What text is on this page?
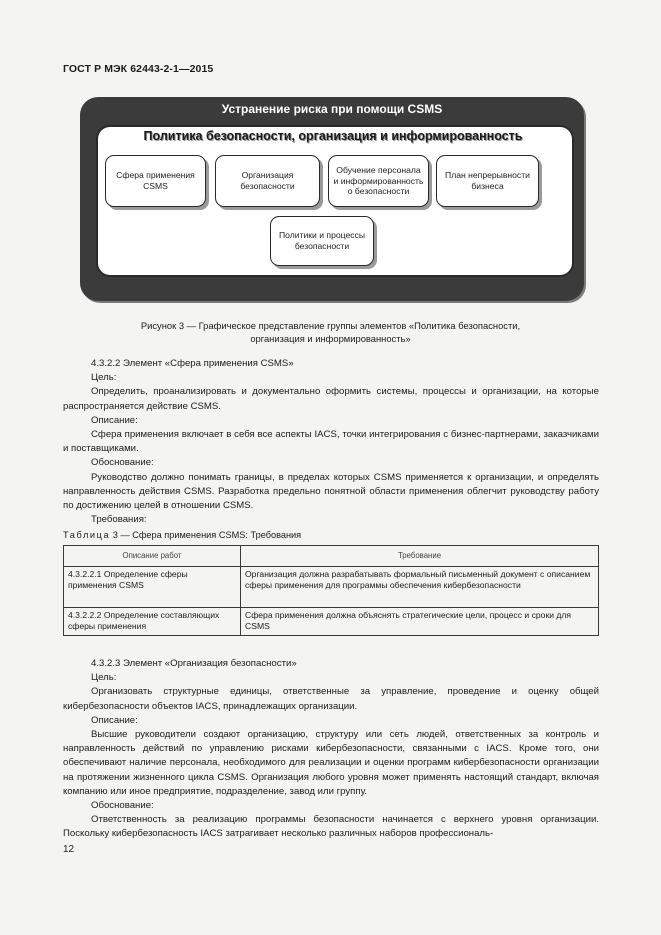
ГОСТ Р МЭК 62443-2-1—2015
Устранение риска при помощи CSMS
Политика безопасности, организация и информированность
Сфера применения
CSMS
Организация
безопасности
Обучение персонала
и информированность
о безопасности
План непрерывности
бизнеса
Политики и процессы
безопасности
Рисунок 3 — Графическое представление группы элементов «Политика безопасности,
организация и информированность»

4.3.2.2 Элемент «Сфера применения CSMS»

Цель:

Определить, проанализировать и документально оформить системы, процессы и организации, на которые распространяется действие CSMS.

Описание:

Сфера применения включает в себя все аспекты IACS, точки интегрирования с бизнес-партнерами, заказчиками и поставщиками.

Обоснование:

Руководство должно понимать границы, в пределах которых CSMS применяется к организации, и определять направленность действия CSMS. Разработка предельно понятной области применения облегчит руководству работу по достижению целей в отношении CSMS.

Требования:

Таблица 3 — Сфера применения CSMS: Требования
Описание работ	Требование
4.3.2.2.1 Определение сферы применения CSMS	Организация должна разрабатывать формальный письменный документ с описанием сферы применения для программы обеспечения кибербезопасности
4.3.2.2.2 Определение составляющих сферы применения	Сфера применения должна объяснять стратегические цели, процесс и сроки для CSMS

4.3.2.3 Элемент «Организация безопасности»

Цель:

Организовать структурные единицы, ответственные за управление, проведение и оценку общей кибербезопасности объектов IACS, принадлежащих организации.

Описание:

Высшие руководители создают организацию, структуру или сеть людей, ответственных за контроль и направленность действий по управлению рисками кибербезопасности, связанными с IACS. Кроме того, они обеспечивают наличие персонала, необходимого для реализации и оценки программ кибербезопасности организации на протяжении жизненного цикла CSMS. Организация любого уровня может применять настоящий стандарт, включая компанию или иное предприятие, подразделение, завод или группу.

Обоснование:

Ответственность за реализацию программы безопасности начинается с верхнего уровня организации. Поскольку кибербезопасность IACS затрагивает несколько различных наборов профессиональ-

12
